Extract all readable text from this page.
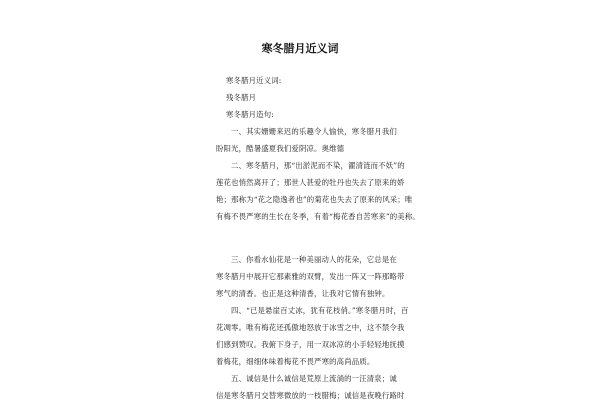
寒冬腊月近义词
寒冬腊月近义词:
残冬腊月
寒冬腊月造句:
一、其实姗姗来迟的乐趣令人愉快，寒冬腊月我们
盼阳光，酷暑盛夏我们爱阴凉。奥维德
二、寒冬腊月，那“出淤泥而不染，濯清涟而不妖”的
莲花也悄然离开了；那世人甚爱的牡丹也失去了原来的娇
艳；那称为“花之隐逸者也”的菊花也失去了原来的风采；唯
有梅不畏严寒的生长在冬季，有着“梅花香自苦寒来”的美称。
三、你看水仙花是一种美丽动人的花朵，它总是在
寒冬腊月中展开它那素雅的双臂，发出一阵又一阵那略带
寒气的清香。也正是这种清香，让我对它情有独钟。
四、“已是悬崖百丈冰，犹有花枝俏。”寒冬腊月时，百
花凋零。唯有梅花还孤傲地怒放于冰雪之中，这不禁令我
们感到赞叹。我俯下身子，用一双冰凉的小手轻轻地抚摸
着梅花，细细体味着梅花不畏严寒的高尚品质。
五、诚信是什么诚信是荒原上流淌的一汪清泉；诚
信是寒冬腊月交替寒微放的一枝腊梅；诚信是夜晚行路时
